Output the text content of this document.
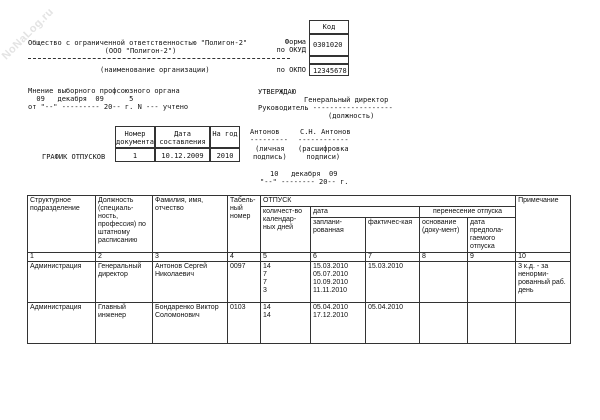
NoNaLog.ru	Код
0301020
12345678
Форма
по ОКУД
по ОКПО
Общество с ограниченной ответственностью "Полигон-2"
(ООО "Полигон-2")
(наименование организации)
Мнение выборного профсоюзного органа
09   декабря  09      5
от "--" --------- 20-- г. N --- учтено
УТВЕРЖДАЮ
Генеральный директор
Руководитель -------------------
(должность)
Номер
документа
Дата
составления
На год
1	10.12.2009	2010
ГРАФИК ОТПУСКОВ
Антонов
---------
(личная
подпись)
С.Н. Антонов
------------
(расшифровка
подписи)
10   декабря  09
"--" -------- 20-- г.
Структурное подразделение	Должность (специаль-ность, профессия) по штатному расписанию	Фамилия, имя, отчество	Табель-ный номер	ОТПУСК					Примечание
				количест-во календар-ных дней	дата		перенесение отпуска		
					заплани-рованная	фактичес-кая	основание (доку-мент)	дата предпола-гаемого отпуска	
1	2	3	4	5	6	7	8	9	10
Администрация	Генеральный директор	Антонов Сергей Николаевич	0097	14
7
7
3	15.03.2010
05.07.2010
10.09.2010
11.11.2010	15.03.2010			3 к.д. - за ненорми-рованный раб. день
Администрация	Главный инженер	Бондаренко Виктор Соломонович	0103	14
14	05.04.2010
17.12.2010	05.04.2010			
